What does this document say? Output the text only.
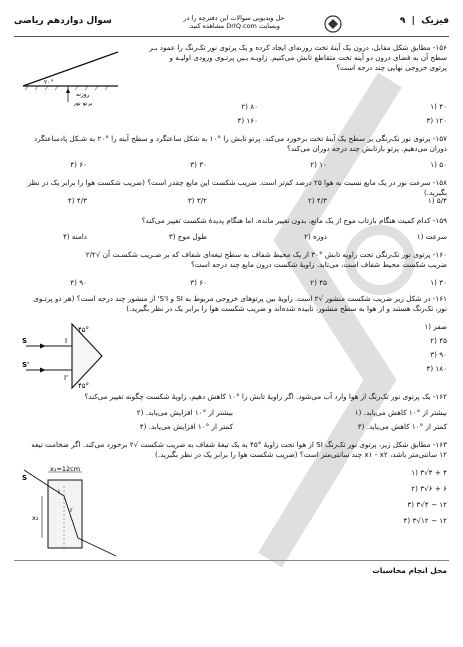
فیزیک  |  ۹
سوال دوازدهم ریاضی	حل ویدیویی سوالات این دفترچه را در
وبسایت DrIQ.com مشاهده کنید.
۱۵۶- مطابق شکل مقابل، درون یک آینهٔ تخت روزنه‌ای ایجاد کرده و یک پرتوی نور تک‌رنگ را عمود بـر
سطح آن به فضای درون دو آینه تخت متقاطع تابش می‌کنیم. زاویـه بـین پرتـوی ورودی اولیـه و
پرتوی خروجی نهایی چند درجه است؟
۲۰°
روزنه
پرتو نور	۴۰ (۱
۸۰ (۲
۱۲۰ (۳
۱۶۰ (۴
۱۵۷- پرتوی نور تک‌رنگی بر سطح یک آینهٔ تخت برخورد می‌کند. پرتو تابش را °۱۰ به شکل ساعتگرد و سطح آینه را °۲۰ به شـکل پادساعتگرد
دوران می‌دهیم. پرتو بازتابش چند درجه دوران می‌کند؟
۵۰ (۱
۱۰ (۲
۳۰ (۳
۶۰ (۴
۱۵۸- سرعت نور در یک مایع نسبت به هوا ۲۵ درصد کم‌تر است. ضریب شکست این مایع چقدر است؟ (ضریب شکست هوا را برابر یک در نظر بگیرید.)
۵/۴ (۱
۴/۳ (۲
۳/۲ (۳
۴/۳ (۴
۱۵۹- کدام کمیت هنگام بازتاب موج از یک مانع، بدون تغییر مانده، اما هنگام پدیدهٔ شکست تغییر می‌کند؟
سرعت (۱
دوره (۲
طول موج (۳
دامنه (۴
۱۶۰- پرتوی نور تک‌رنگی تحت زاویه تابش °۳۰ از یک محیط شفاف به سطح تیغه‌ای شفاف که بر ضـریب شکسـت آن √۲/۲
ضریب شکست محیط شفاف است، می‌تابد. زاویهٔ شکست درون مایع چند درجه است؟
۳۰ (۱
۴۵ (۲
۶۰ (۳
۹۰ (۴
۱۶۱- در شکل زیر ضریب شکست منشور √۲ است. زاویهٔ بین پرتوهای خروجی مربوط به SI و S'I' از منشور چند درجه است؟ (هر دو پرتـوی
نور، تک‌رنگ هستند و از هوا به سطح منشور، تابیده شده‌اند و ضریب شکست هوا را برابر یک در نظر بگیرید.)
۴۵°
۴۵°
S
S'
I
I'
صفر (۱
۴۵ (۲
۹۰ (۳
۱۸۰ (۴
۱۶۲- یک پرتوی نور تک‌رنگ از هوا وارد آب می‌شود. اگر زاویهٔ تابش را °۱۰ کاهش دهیم، زاویهٔ شکست چگونه تغییر می‌کند؟
بیشتر از °۱۰ کاهش می‌یابد. (۱
بیشتر از °۱۰ افزایش می‌یابد. (۲
کمتر از °۱۰ کاهش می‌یابد. (۳
کمتر از °۱۰ افزایش می‌یابد. (۴
۱۶۳- مطابق شکل زیر، پرتوی نور تک‌رنگ SI از هوا تحت زاویهٔ °۴۵ به یک تیغهٔ شفاف به ضریب شکست √۲ برخورد می‌کند. اگر ضخامت تیغه
۱۲ سانتی‌متر باشد، x۱ - x۲ چند سانتی‌متر است؟ (ضریب شکست هوا را برابر یک در نظر بگیرید.)
x₁=12cm
x₂
S
I
r
۴ + ۴√۳ (۱
۶ + ۶√۳ (۲
۱۲ − ۴√۳ (۳
۱۲ − ۱۲√۳ (۴
محل انجام محاسبات
